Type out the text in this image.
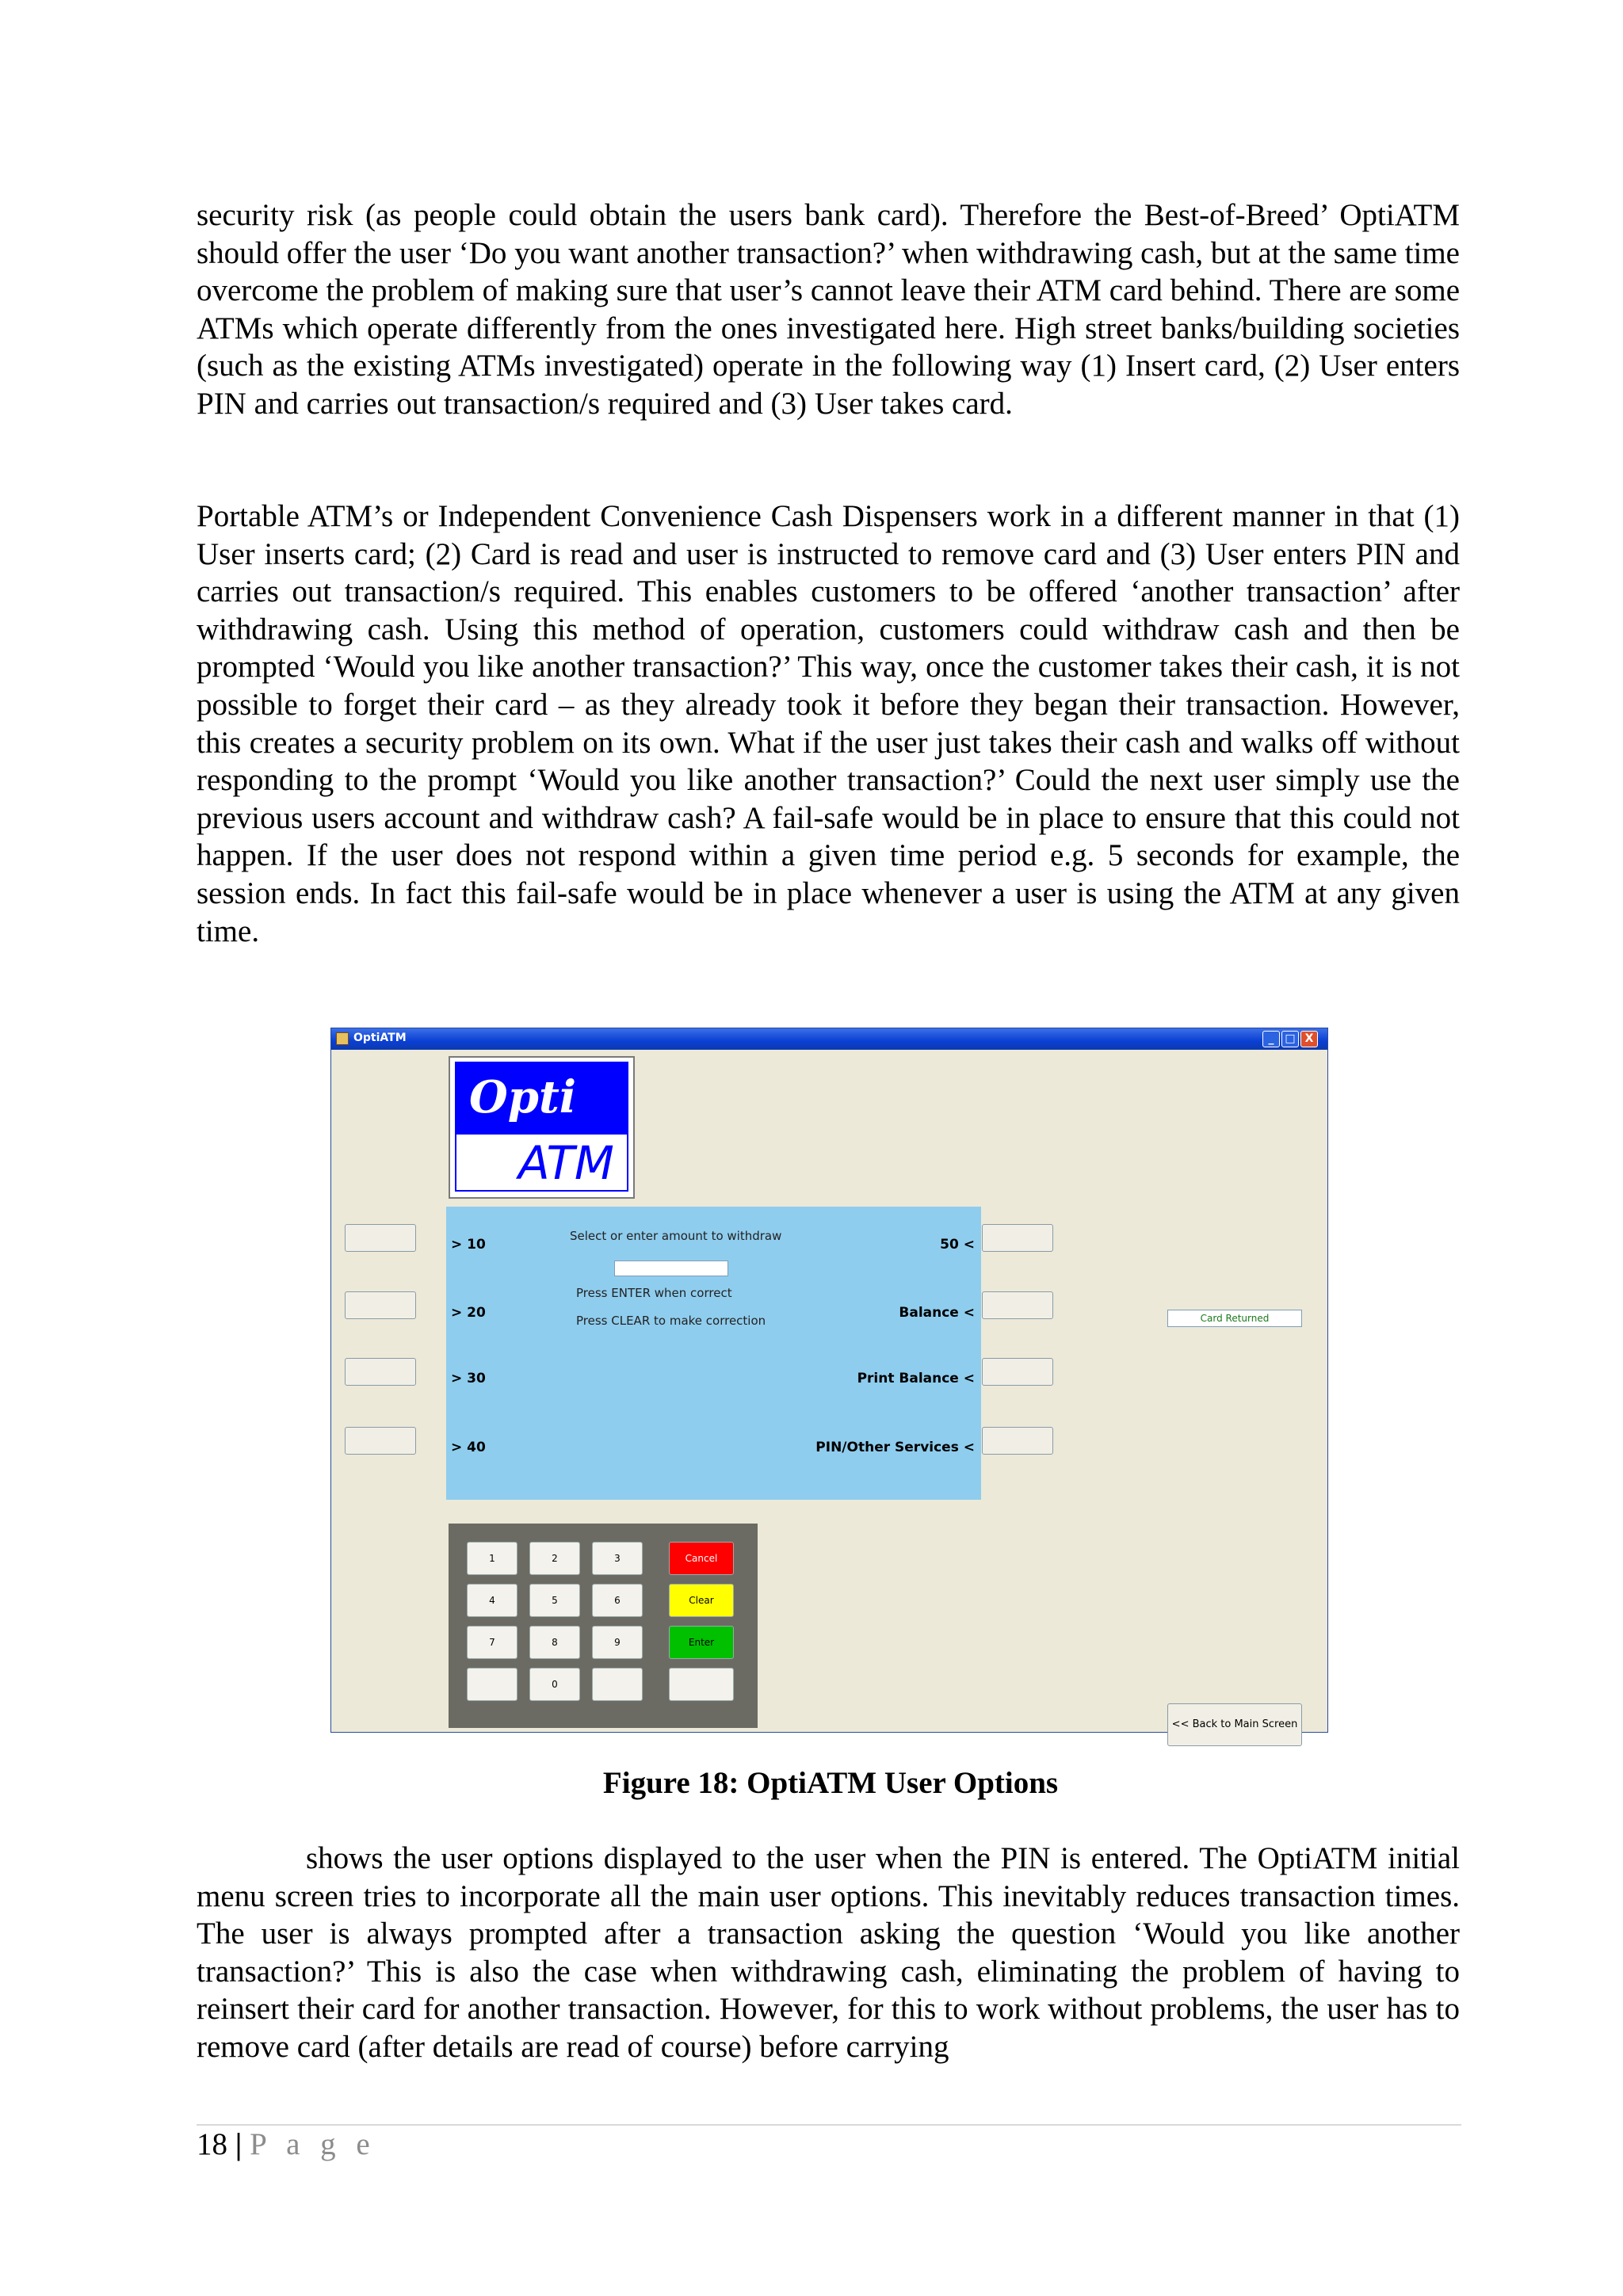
security risk (as people could obtain the users bank card). Therefore the Best-of-Breed’ OptiATM should offer the user ‘Do you want another transaction?’ when withdrawing cash, but at the same time overcome the problem of making sure that user’s cannot leave their ATM card behind. There are some ATMs which operate differently from the ones investigated here. High street banks/building societies (such as the existing ATMs investigated) operate in the following way (1) Insert card, (2) User enters PIN and carries out transaction/s required and (3) User takes card.

Portable ATM’s or Independent Convenience Cash Dispensers work in a different manner in that (1) User inserts card; (2) Card is read and user is instructed to remove card and (3) User enters PIN and carries out transaction/s required. This enables customers to be offered ‘another transaction’ after withdrawing cash. Using this method of operation, customers could withdraw cash and then be prompted ‘Would you like another transaction?’ This way, once the customer takes their cash, it is not possible to forget their card – as they already took it before they began their transaction. However, this creates a security problem on its own. What if the user just takes their cash and walks off without responding to the prompt ‘Would you like another transaction?’ Could the next user simply use the previous users account and withdraw cash? A fail-safe would be in place to ensure that this could not happen. If the user does not respond within a given time period e.g. 5 seconds for example, the session ends. In fact this fail-safe would be in place whenever a user is using the ATM at any given time.

OptiATM	_ □ X
Opti
ATM
> 10
> 20
> 30
> 40
50 <
Balance <
Print Balance <
PIN/Other Services <
Select or enter amount to withdraw
Press ENTER when correct
Press CLEAR to make correction	Card Returned
1	2	3	Cancel
4	5	6	Clear
7	8	9	Enter
0
<< Back to Main Screen
Figure 18: OptiATM User Options

shows the user options displayed to the user when the PIN is entered. The OptiATM initial menu screen tries to incorporate all the main user options. This inevitably reduces transaction times. The user is always prompted after a transaction asking the question ‘Would you like another transaction?’ This is also the case when withdrawing cash, eliminating the problem of having to reinsert their card for another transaction. However, for this to work without problems, the user has to remove card (after details are read of course) before carrying

18 | P a g e
